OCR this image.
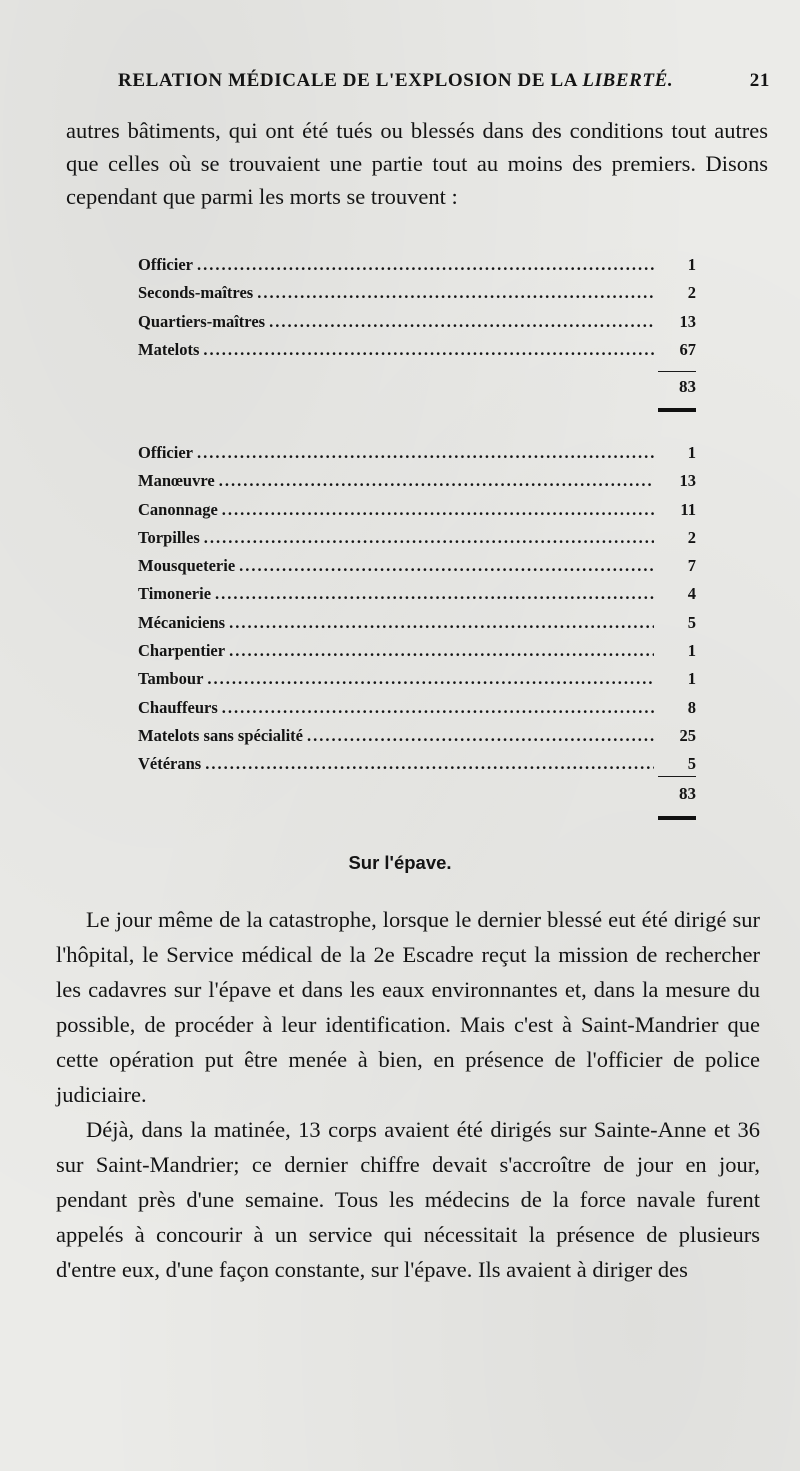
RELATION MÉDICALE DE L'EXPLOSION DE LA LIBERTÉ.	21
autres bâtiments, qui ont été tués ou blessés dans des conditions tout autres que celles où se trouvaient une partie tout au moins des premiers. Disons cependant que parmi les morts se trouvent :
Officier .....	1
Seconds-maîtres .....	2
Quartiers-maîtres .....	13
Matelots .....	67
83
Officier .....	1
Manœuvre .....	13
Canonnage .....	11
Torpilles .....	2
Mousqueterie .....	7
Timonerie .....	4
Mécaniciens .....	5
Charpentier .....	1
Tambour .....	1
Chauffeurs .....	8
Matelots sans spécialité .....	25
Vétérans .....	5
83
Sur l'épave.

Le jour même de la catastrophe, lorsque le dernier blessé eut été dirigé sur l'hôpital, le Service médical de la 2e Escadre reçut la mission de rechercher les cadavres sur l'épave et dans les eaux environnantes et, dans la mesure du possible, de procéder à leur identification. Mais c'est à Saint-Mandrier que cette opération put être menée à bien, en présence de l'officier de police judiciaire.

Déjà, dans la matinée, 13 corps avaient été dirigés sur Sainte-Anne et 36 sur Saint-Mandrier; ce dernier chiffre devait s'accroître de jour en jour, pendant près d'une semaine. Tous les médecins de la force navale furent appelés à concourir à un service qui nécessitait la présence de plusieurs d'entre eux, d'une façon constante, sur l'épave. Ils avaient à diriger des
